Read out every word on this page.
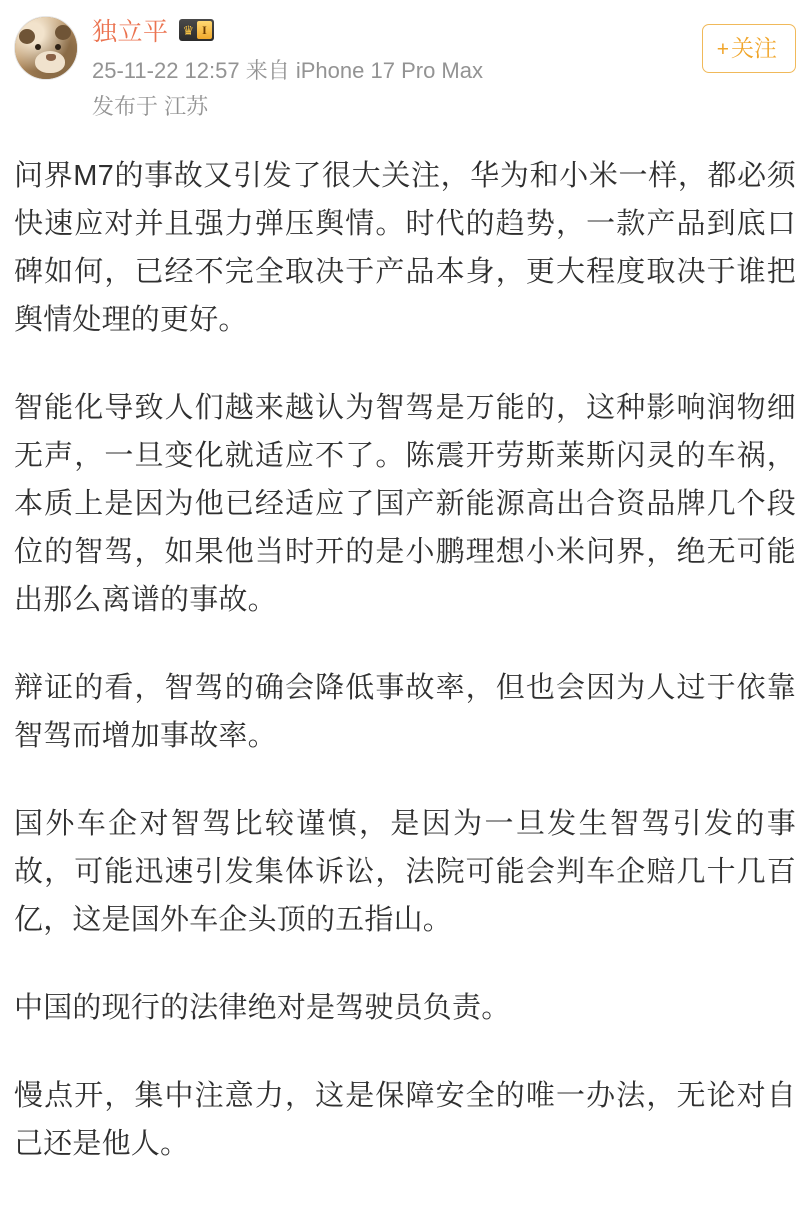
独立平 ♛ I
25-11-22 12:57 来自 iPhone 17 Pro Max
发布于 江苏
+关注

问界M7的事故又引发了很大关注，华为和小米一样，都必须快速应对并且强力弹压舆情。时代的趋势，一款产品到底口碑如何，已经不完全取决于产品本身，更大程度取决于谁把舆情处理的更好。

智能化导致人们越来越认为智驾是万能的，这种影响润物细无声，一旦变化就适应不了。陈震开劳斯莱斯闪灵的车祸，本质上是因为他已经适应了国产新能源高出合资品牌几个段位的智驾，如果他当时开的是小鹏理想小米问界，绝无可能出那么离谱的事故。

辩证的看，智驾的确会降低事故率，但也会因为人过于依靠智驾而增加事故率。

国外车企对智驾比较谨慎，是因为一旦发生智驾引发的事故，可能迅速引发集体诉讼，法院可能会判车企赔几十几百亿，这是国外车企头顶的五指山。

中国的现行的法律绝对是驾驶员负责。

慢点开，集中注意力，这是保障安全的唯一办法，无论对自己还是他人。
